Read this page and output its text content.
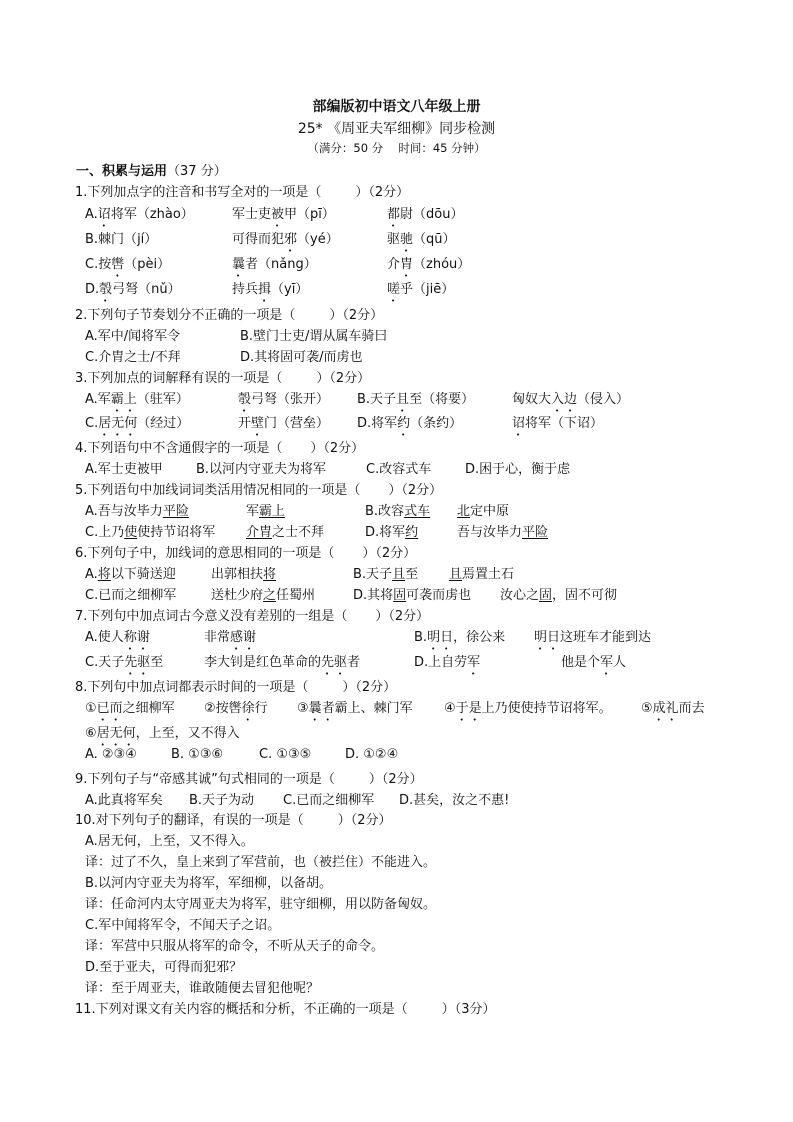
部编版初中语文八年级上册
25* 《周亚夫军细柳》同步检测
（满分：50 分　 时间：45 分钟）
一、积累与运用（37 分）
1.下列加点字的注音和书写全对的一项是（	）（2分）
A.诏将军（zhào）	军士吏被甲（pī）	都尉（dōu）
B.棘门（jí）	可得而犯邪（yé）	驱驰（qū）
C.按辔（pèi）	曩者（nǎng）	介胄（zhóu）
D.彀弓弩（nǔ）	持兵揖（yī）	嗟乎（jiē）
2.下列句子节奏划分不正确的一项是（	）（2分）
A.军中/闻将军令	B.壁门士吏/谓从属车骑曰
C.介胄之士/不拜	D.其将固可袭/而虏也
3.下列加点的词解释有误的一项是（	）（2分）
A.军霸上（驻军）	彀弓弩（张开） B.天子且至（将要）	匈奴大入边（侵入）
C.居无何（经过）	开壁门（营垒） D.将军约（条约）	诏将军（下诏）
4.下列语句中不含通假字的一项是（ ）（2分）
A.军士吏被甲	B.以河内守亚夫为将军	C.改容式车	D.困于心，衡于虑
5.下列语句中加线词词类活用情况相同的一项是（ ）（2分）
A.吾与汝毕力平险	军霸上	B.改容式车 北定中原
C.上乃使使持节诏将军 介胄之士不拜	D.将军约	吾与汝毕力平险
6.下列句子中，加线词的意思相同的一项是（ ）（2分）
A.将以下骑送迎	出郭相扶将	B.天子且至 且焉置土石
C.已而之细柳军	送杜少府之任蜀州	D.其将固可袭而虏也 汝心之固，固不可彻
7.下列句中加点词古今意义没有差别的一组是（ ）（2分）
A.使人称谢	非常感谢	B.明日，徐公来 明日这班车才能到达
C.天子先驱至	李大钊是红色革命的先驱者	D.上自劳军	他是个军人
8.下列句中加点词都表示时间的一项是（	）（2分）
①已而之细柳军 ②按辔徐行 ③曩者霸上、棘门军 ④于是上乃使使持节诏将军。 ⑤成礼而去
⑥居无何，上至，又不得入
A. ②③④	B. ①③⑥	C. ①③⑤	D. ①②④
9.下列句子与“帝感其诚”句式相同的一项是（	）（2分）
A.此真将军矣 B.天子为动 C.已而之细柳军 D.甚矣，汝之不惠!
10.对下列句子的翻译，有误的一项是（	）（2分）
A.居无何，上至，又不得入。
译：过了不久，皇上来到了军营前，也（被拦住）不能进入。
B.以河内守亚夫为将军，军细柳，以备胡。
译：任命河内太守周亚夫为将军，驻守细柳，用以防备匈奴。
C.军中闻将军令，不闻天子之诏。
译：军营中只服从将军的命令，不听从天子的命令。
D.至于亚夫，可得而犯邪？
译：至于周亚夫，谁敢随便去冒犯他呢？
11.下列对课文有关内容的概括和分析，不正确的一项是（	）（3分）
